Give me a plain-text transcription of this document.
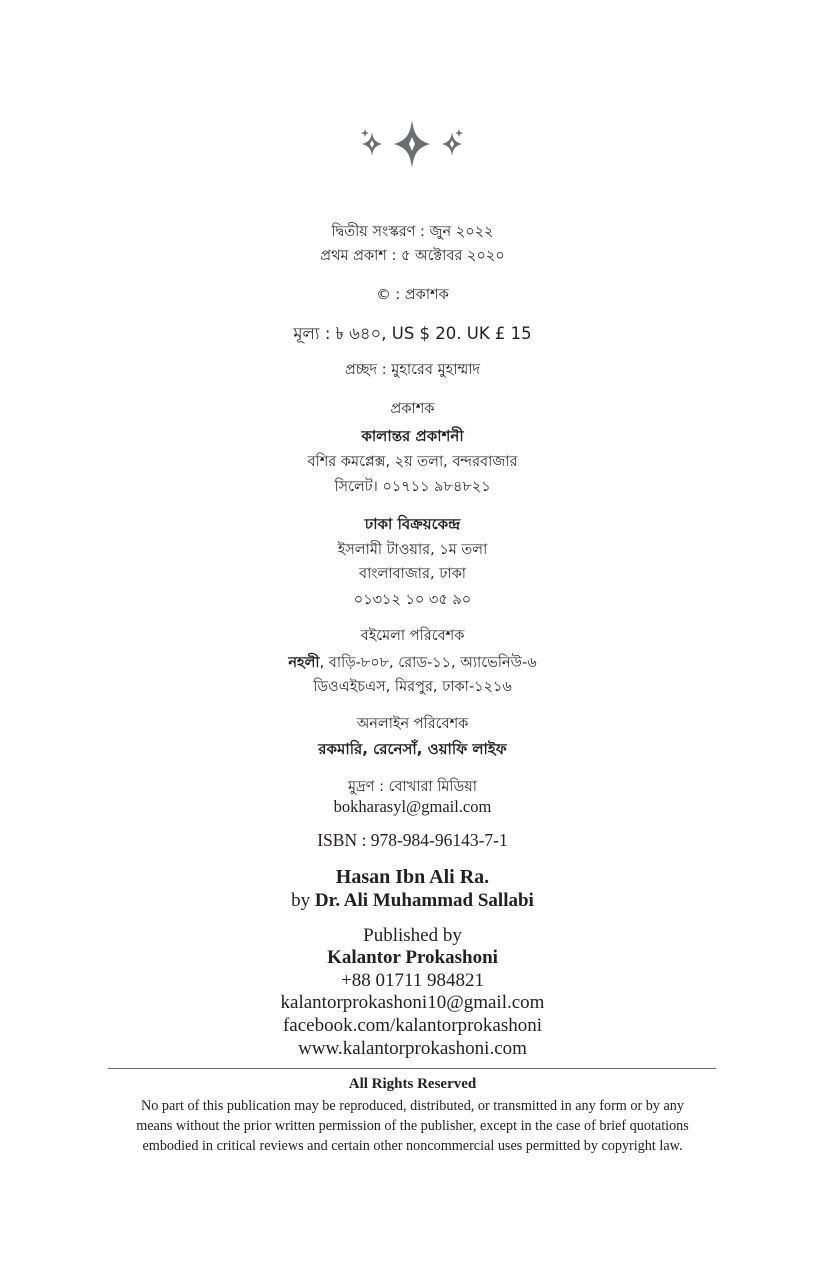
দ্বিতীয় সংস্করণ : জুন ২০২২
প্রথম প্রকাশ : ৫ অক্টোবর ২০২০
© : প্রকাশক
মূল্য : ৳ ৬৪০, US $ 20. UK £ 15
প্রচ্ছদ : মুহারেব মুহাম্মাদ
প্রকাশক
কালান্তর প্রকাশনী
বশির কমপ্লেক্স, ২য় তলা, বন্দরবাজার
সিলেট। ০১৭১১ ৯৮৪৮২১
ঢাকা বিক্রয়কেন্দ্র
ইসলামী টাওয়ার, ১ম তলা
বাংলাবাজার, ঢাকা
০১৩১২ ১০ ৩৫ ৯০
বইমেলা পরিবেশক
নহলী, বাড়ি-৮০৮, রোড-১১, অ্যাভেনিউ-৬
ডিওএইচএস, মিরপুর, ঢাকা-১২১৬
অনলাইন পরিবেশক
রকমারি, রেনেসাঁ, ওয়াফি লাইফ
মুদ্রণ : বোখারা মিডিয়া
bokharasyl@gmail.com
ISBN : 978-984-96143-7-1
Hasan Ibn Ali Ra.
by Dr. Ali Muhammad Sallabi
Published by
Kalantor Prokashoni
+88 01711 984821
kalantorprokashoni10@gmail.com
facebook.com/kalantorprokashoni
www.kalantorprokashoni.com
All Rights Reserved
No part of this publication may be reproduced, distributed, or transmitted in any form or by any
means without the prior written permission of the publisher, except in the case of brief quotations
embodied in critical reviews and certain other noncommercial uses permitted by copyright law.
